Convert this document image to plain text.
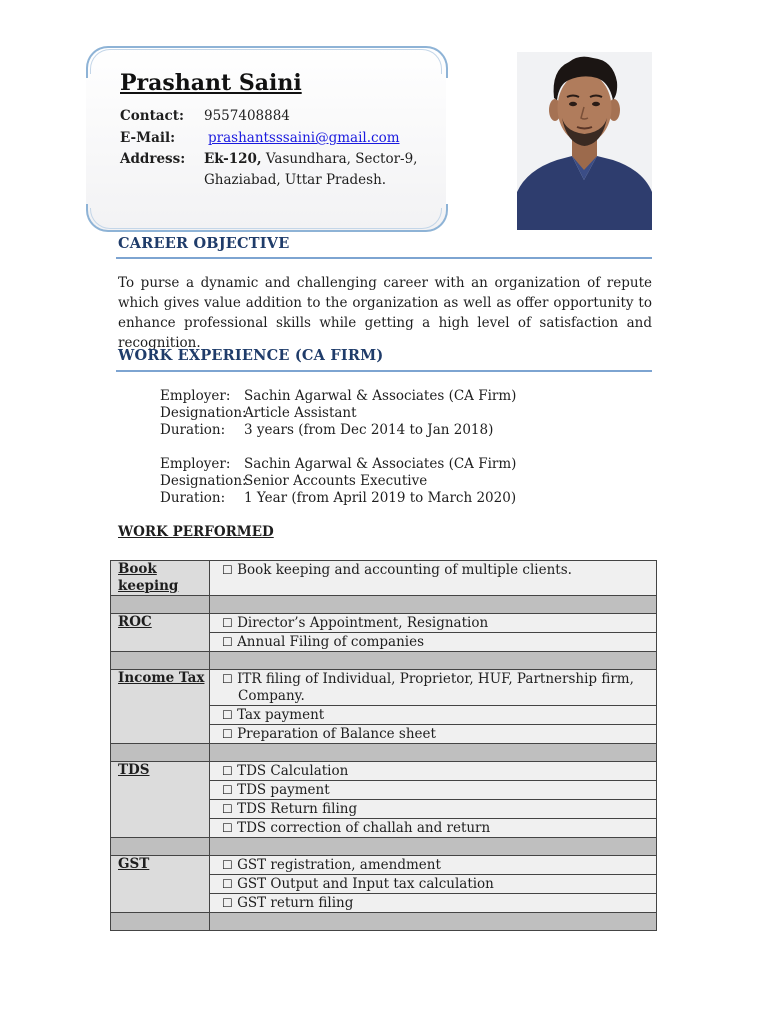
Prashant Saini
Contact: 9557408884
E-Mail: prashantsssaini@gmail.com
Address: Ek-120, Vasundhara, Sector-9,
Ghaziabad, Uttar Pradesh.
CAREER OBJECTIVE

To purse a dynamic and challenging career with an organization of repute which gives value addition to the organization as well as offer opportunity to enhance professional skills while getting a high level of satisfaction and recognition.

WORK EXPERIENCE (CA FIRM)
Employer: Sachin Agarwal & Associates (CA Firm)
Designation:
Article Assistant
Duration: 3 years (from Dec 2014 to Jan 2018)
Employer: Sachin Agarwal & Associates (CA Firm)
Designation:
Senior Accounts Executive
Duration: 1 Year (from April 2019 to March 2020)
WORK PERFORMED
Book keeping	☐ Book keeping and accounting of multiple clients.

ROC	☐ Director’s Appointment, Resignation
	☐ Annual Filing of companies

Income Tax	☐ ITR filing of Individual, Proprietor, HUF, Partnership firm, Company.
	☐ Tax payment
	☐ Preparation of Balance sheet

TDS	☐ TDS Calculation
	☐ TDS payment
	☐ TDS Return filing
	☐ TDS correction of challah and return

GST	☐ GST registration, amendment
	☐ GST Output and Input tax calculation
	☐ GST return filing
